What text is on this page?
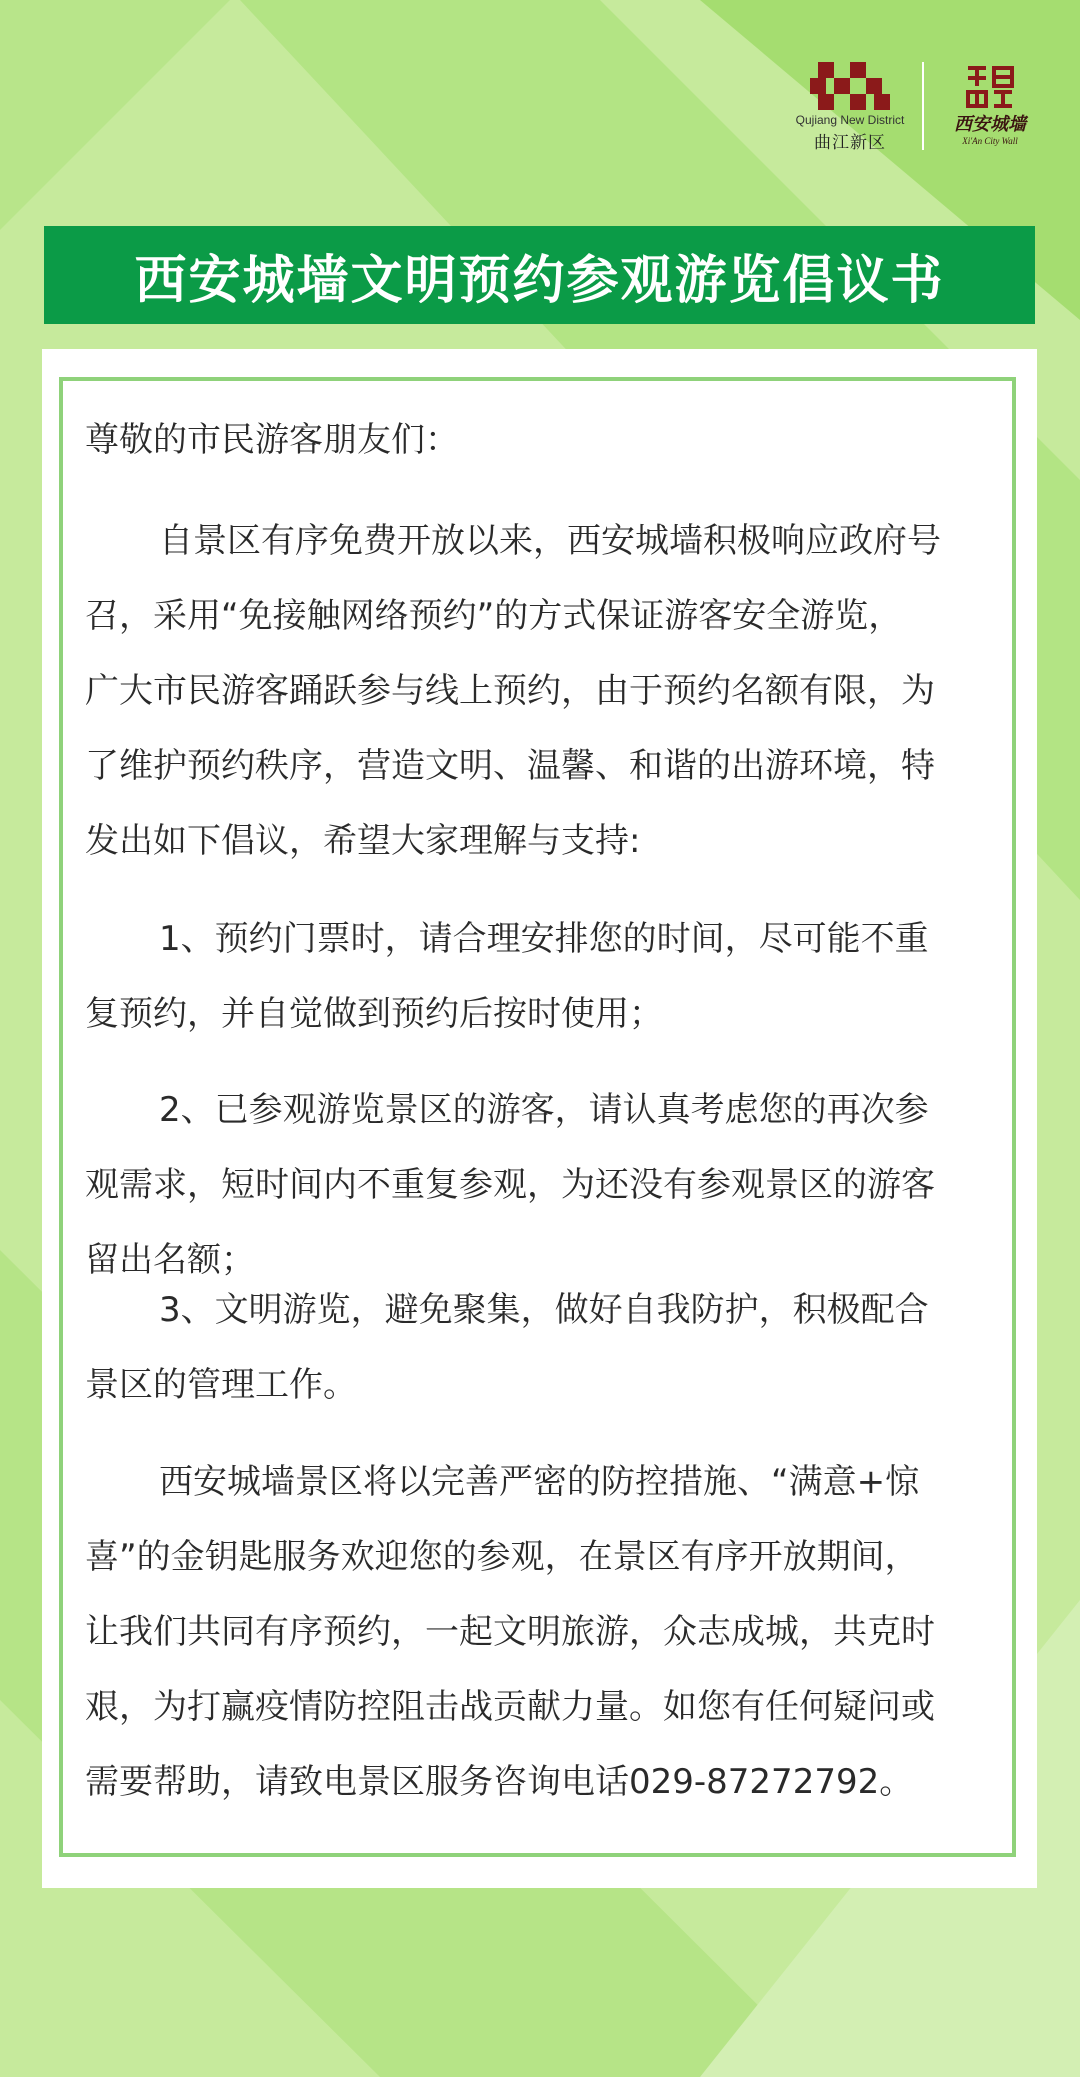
Qujiang New District
曲江新区
西安城墙
Xi'An City Wall
西安城墙文明预约参观游览倡议书

尊敬的市民游客朋友们：

自景区有序免费开放以来，西安城墙积极响应政府号

召，采用“免接触网络预约”的方式保证游客安全游览，

广大市民游客踊跃参与线上预约，由于预约名额有限，为

了维护预约秩序，营造文明、温馨、和谐的出游环境，特

发出如下倡议，希望大家理解与支持:

1、预约门票时，请合理安排您的时间，尽可能不重

复预约，并自觉做到预约后按时使用；

2、已参观游览景区的游客，请认真考虑您的再次参

观需求，短时间内不重复参观，为还没有参观景区的游客

留出名额；

3、文明游览，避免聚集，做好自我防护，积极配合

景区的管理工作。

西安城墙景区将以完善严密的防控措施、“满意+惊

喜”的金钥匙服务欢迎您的参观，在景区有序开放期间，

让我们共同有序预约，一起文明旅游，众志成城，共克时

艰，为打赢疫情防控阻击战贡献力量。如您有任何疑问或

需要帮助，请致电景区服务咨询电话029-87272792。
